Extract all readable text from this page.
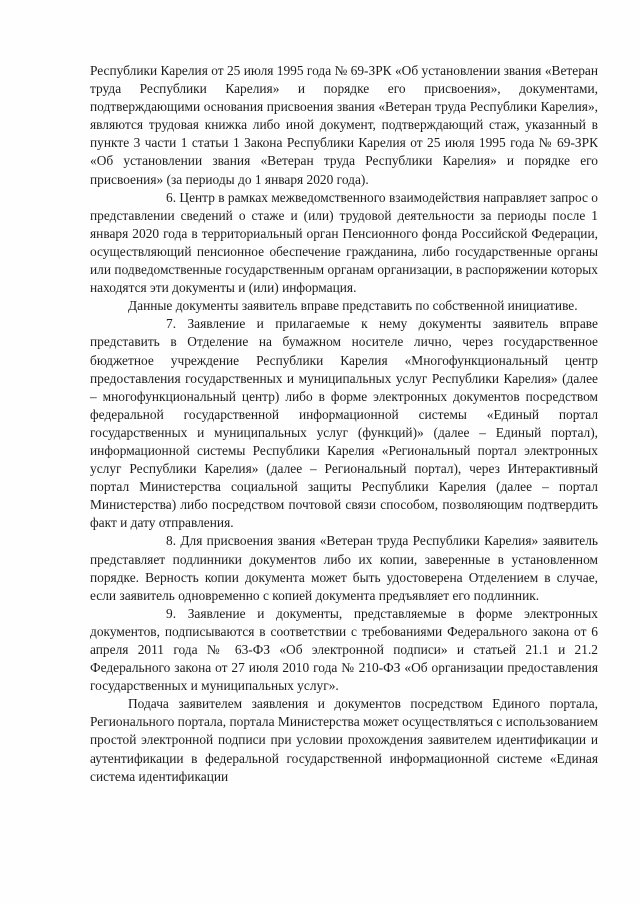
Республики Карелия от 25 июля 1995 года № 69-ЗРК «Об установлении звания «Ветеран труда Республики Карелия» и порядке его присвоения», документами, подтверждающими основания присвоения звания «Ветеран труда Республики Карелия», являются трудовая книжка либо иной документ, подтверждающий стаж, указанный в пункте 3 части 1 статьи 1 Закона Республики Карелия от 25 июля 1995 года № 69-ЗРК «Об установлении звания «Ветеран труда Республики Карелия» и порядке его присвоения» (за периоды до 1 января 2020 года).

6. Центр в рамках межведомственного взаимодействия направляет запрос о представлении сведений о стаже и (или) трудовой деятельности за периоды после 1 января 2020 года в территориальный орган Пенсионного фонда Российской Федерации, осуществляющий пенсионное обеспечение гражданина, либо государственные органы или подведомственные государственным органам организации, в распоряжении которых находятся эти документы и (или) информация.

Данные документы заявитель вправе представить по собственной инициативе.

7. Заявление и прилагаемые к нему документы заявитель вправе представить в Отделение на бумажном носителе лично, через государственное бюджетное учреждение Республики Карелия «Многофункциональный центр предоставления государственных и муниципальных услуг Республики Карелия» (далее – многофункциональный центр) либо в форме электронных документов посредством федеральной государственной информационной системы «Единый портал государственных и муниципальных услуг (функций)» (далее – Единый портал), информационной системы Республики Карелия «Региональный портал электронных услуг Республики Карелия» (далее – Региональный портал), через Интерактивный портал Министерства социальной защиты Республики Карелия (далее – портал Министерства) либо посредством почтовой связи способом, позволяющим подтвердить факт и дату отправления.

8. Для присвоения звания «Ветеран труда Республики Карелия» заявитель представляет подлинники документов либо их копии, заверенные в установленном порядке. Верность копии документа может быть удостоверена Отделением в случае, если заявитель одновременно с копией документа предъявляет его подлинник.

9. Заявление и документы, представляемые в форме электронных документов, подписываются в соответствии с требованиями Федерального закона от 6 апреля 2011 года № 63-ФЗ «Об электронной подписи» и статьей 21.1 и 21.2 Федерального закона от 27 июля 2010 года № 210-ФЗ «Об организации предоставления государственных и муниципальных услуг».

Подача заявителем заявления и документов посредством Единого портала, Регионального портала, портала Министерства может осуществляться с использованием простой электронной подписи при условии прохождения заявителем идентификации и аутентификации в федеральной государственной информационной системе «Единая система идентификации
